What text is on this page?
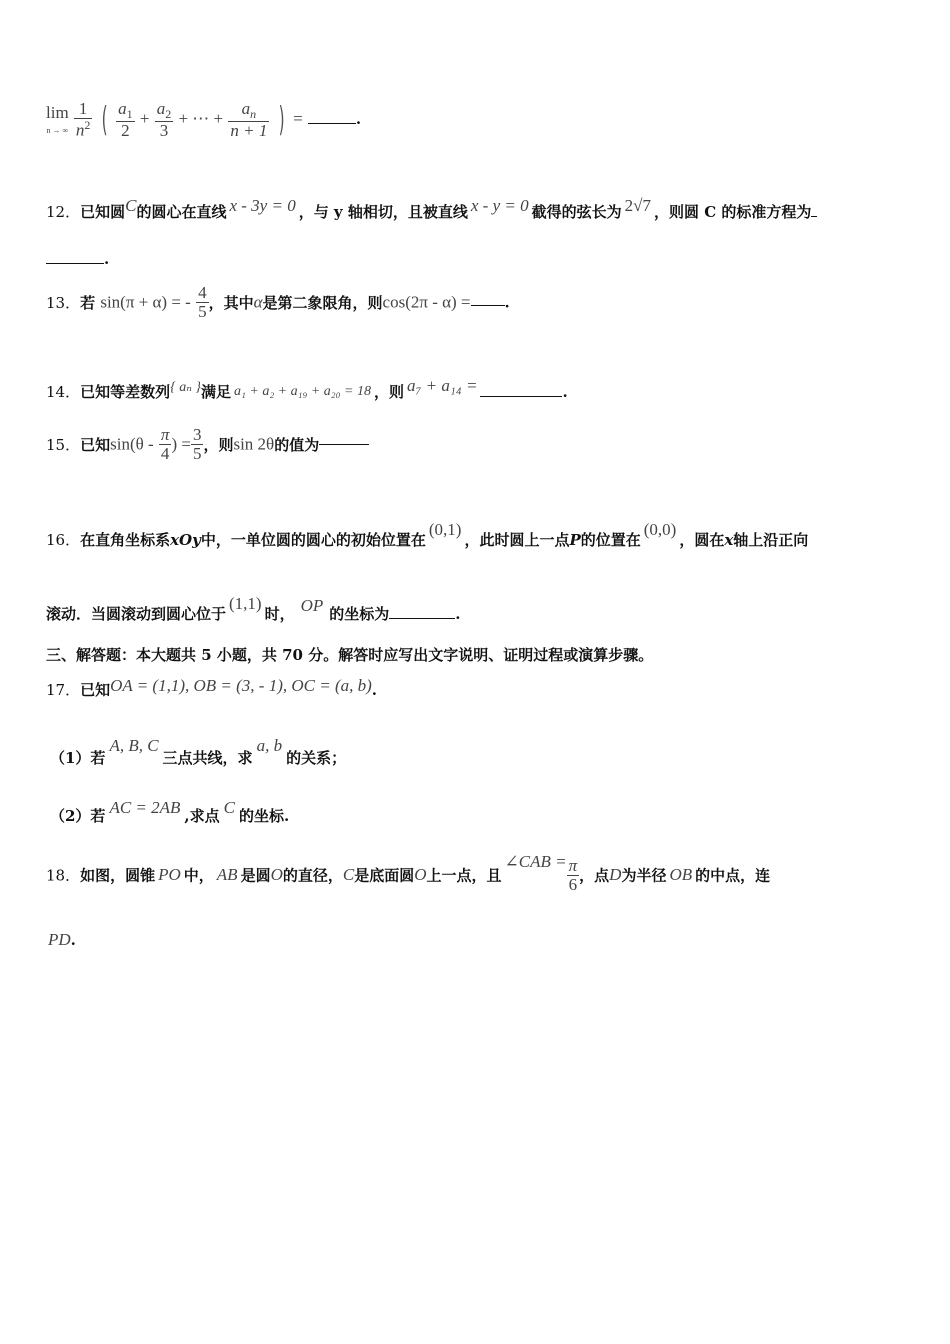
lim
n → ∞ $\frac{1}{n^2}$ ( $\frac{a_1}{2} + \frac{a_2}{3}$ + ⋯ + $\frac{a_n}{n + 1}$ ) =	.
12．已知圆C的圆心在直线 x - 3y = 0 ，与 y 轴相切，且被直线 x - y = 0 截得的弦长为 2√7 ，则圆 C 的标准方程为
.
13．若 sin(π + α) = - $\frac{4}{5}$ ，其中α是第二象限角，则cos(2π - α) = .
14．已知等差数列{ aₙ }满足 a₁ + a₂ + a₁₉ + a₂₀ = 18 ，则 a₇ + a₁₄ =	.
15．已知$\sin(\theta - \frac{\pi}{4}$ ) = $\frac{3}{5}$ ，则sin 2θ的值为
16．在直角坐标系xOy中，一单位圆的圆心的初始位置在(0,1)，此时圆上一点P的位置在(0,0)，圆在x轴上沿正向
滚动．当圆滚动到圆心位于(1,1)时， OP 的坐标为	.
三、解答题：本大题共 5 小题，共 70 分。解答时应写出文字说明、证明过程或演算步骤。
17．已知OA = (1,1), OB = (3, - 1), OC = (a, b).
（1）若A, B, C三点共线，求a, b的关系；
（2）若 AC = 2AB ,求点 C 的坐标.
18．如图，圆锥 PO 中， AB 是圆O的直径，C是底面圆O上一点，且∠CAB = $\frac{\pi}{6}$ ，点D为半径 OB 的中点，连
PD.
